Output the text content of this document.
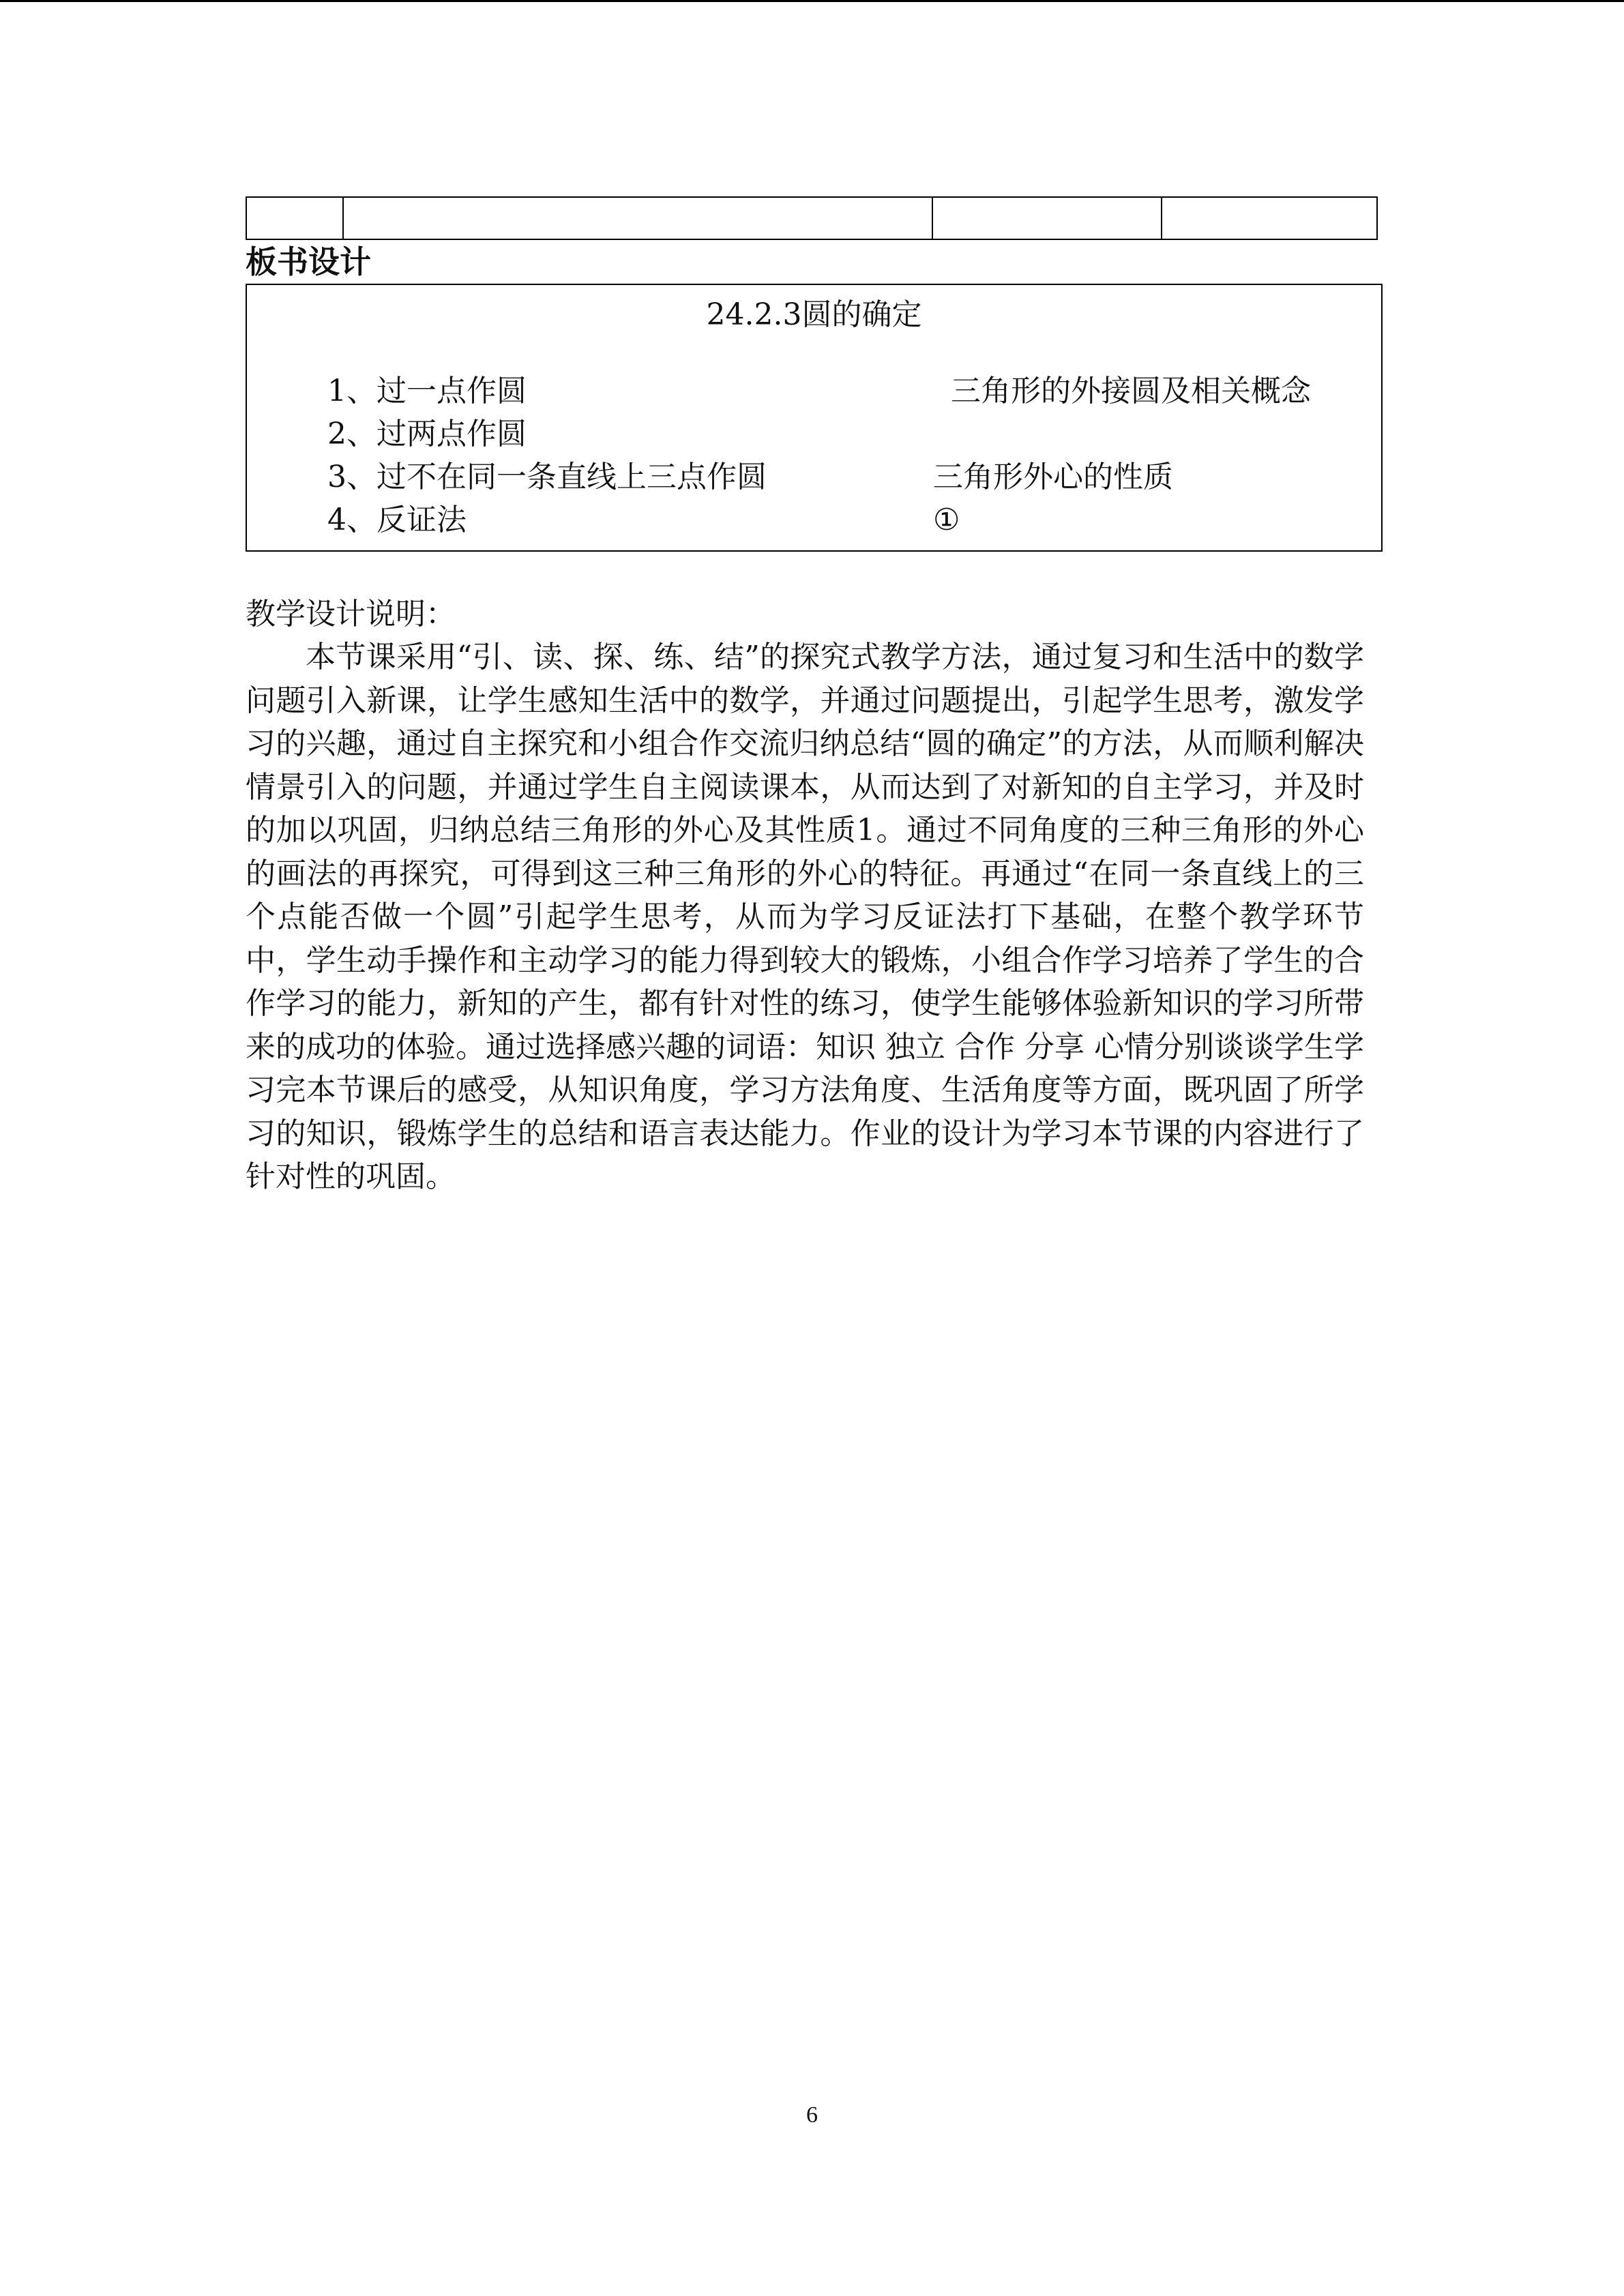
板书设计
24.2.3圆的确定
1、过一点作圆
2、过两点作圆
3、过不在同一条直线上三点作圆
4、反证法
三角形的外接圆及相关概念
三角形外心的性质
①
教学设计说明：

本节课采用“引、读、探、练、结”的探究式教学方法，通过复习和生活中的数学问题引入新课，让学生感知生活中的数学，并通过问题提出，引起学生思考，激发学习的兴趣，通过自主探究和小组合作交流归纳总结“圆的确定”的方法，从而顺利解决情景引入的问题，并通过学生自主阅读课本，从而达到了对新知的自主学习，并及时的加以巩固，归纳总结三角形的外心及其性质1。通过不同角度的三种三角形的外心的画法的再探究，可得到这三种三角形的外心的特征。再通过“在同一条直线上的三个点能否做一个圆”引起学生思考，从而为学习反证法打下基础，在整个教学环节中，学生动手操作和主动学习的能力得到较大的锻炼，小组合作学习培养了学生的合作学习的能力，新知的产生，都有针对性的练习，使学生能够体验新知识的学习所带来的成功的体验。通过选择感兴趣的词语：知识 独立 合作 分享 心情分别谈谈学生学习完本节课后的感受，从知识角度，学习方法角度、生活角度等方面，既巩固了所学习的知识，锻炼学生的总结和语言表达能力。作业的设计为学习本节课的内容进行了针对性的巩固。

6
